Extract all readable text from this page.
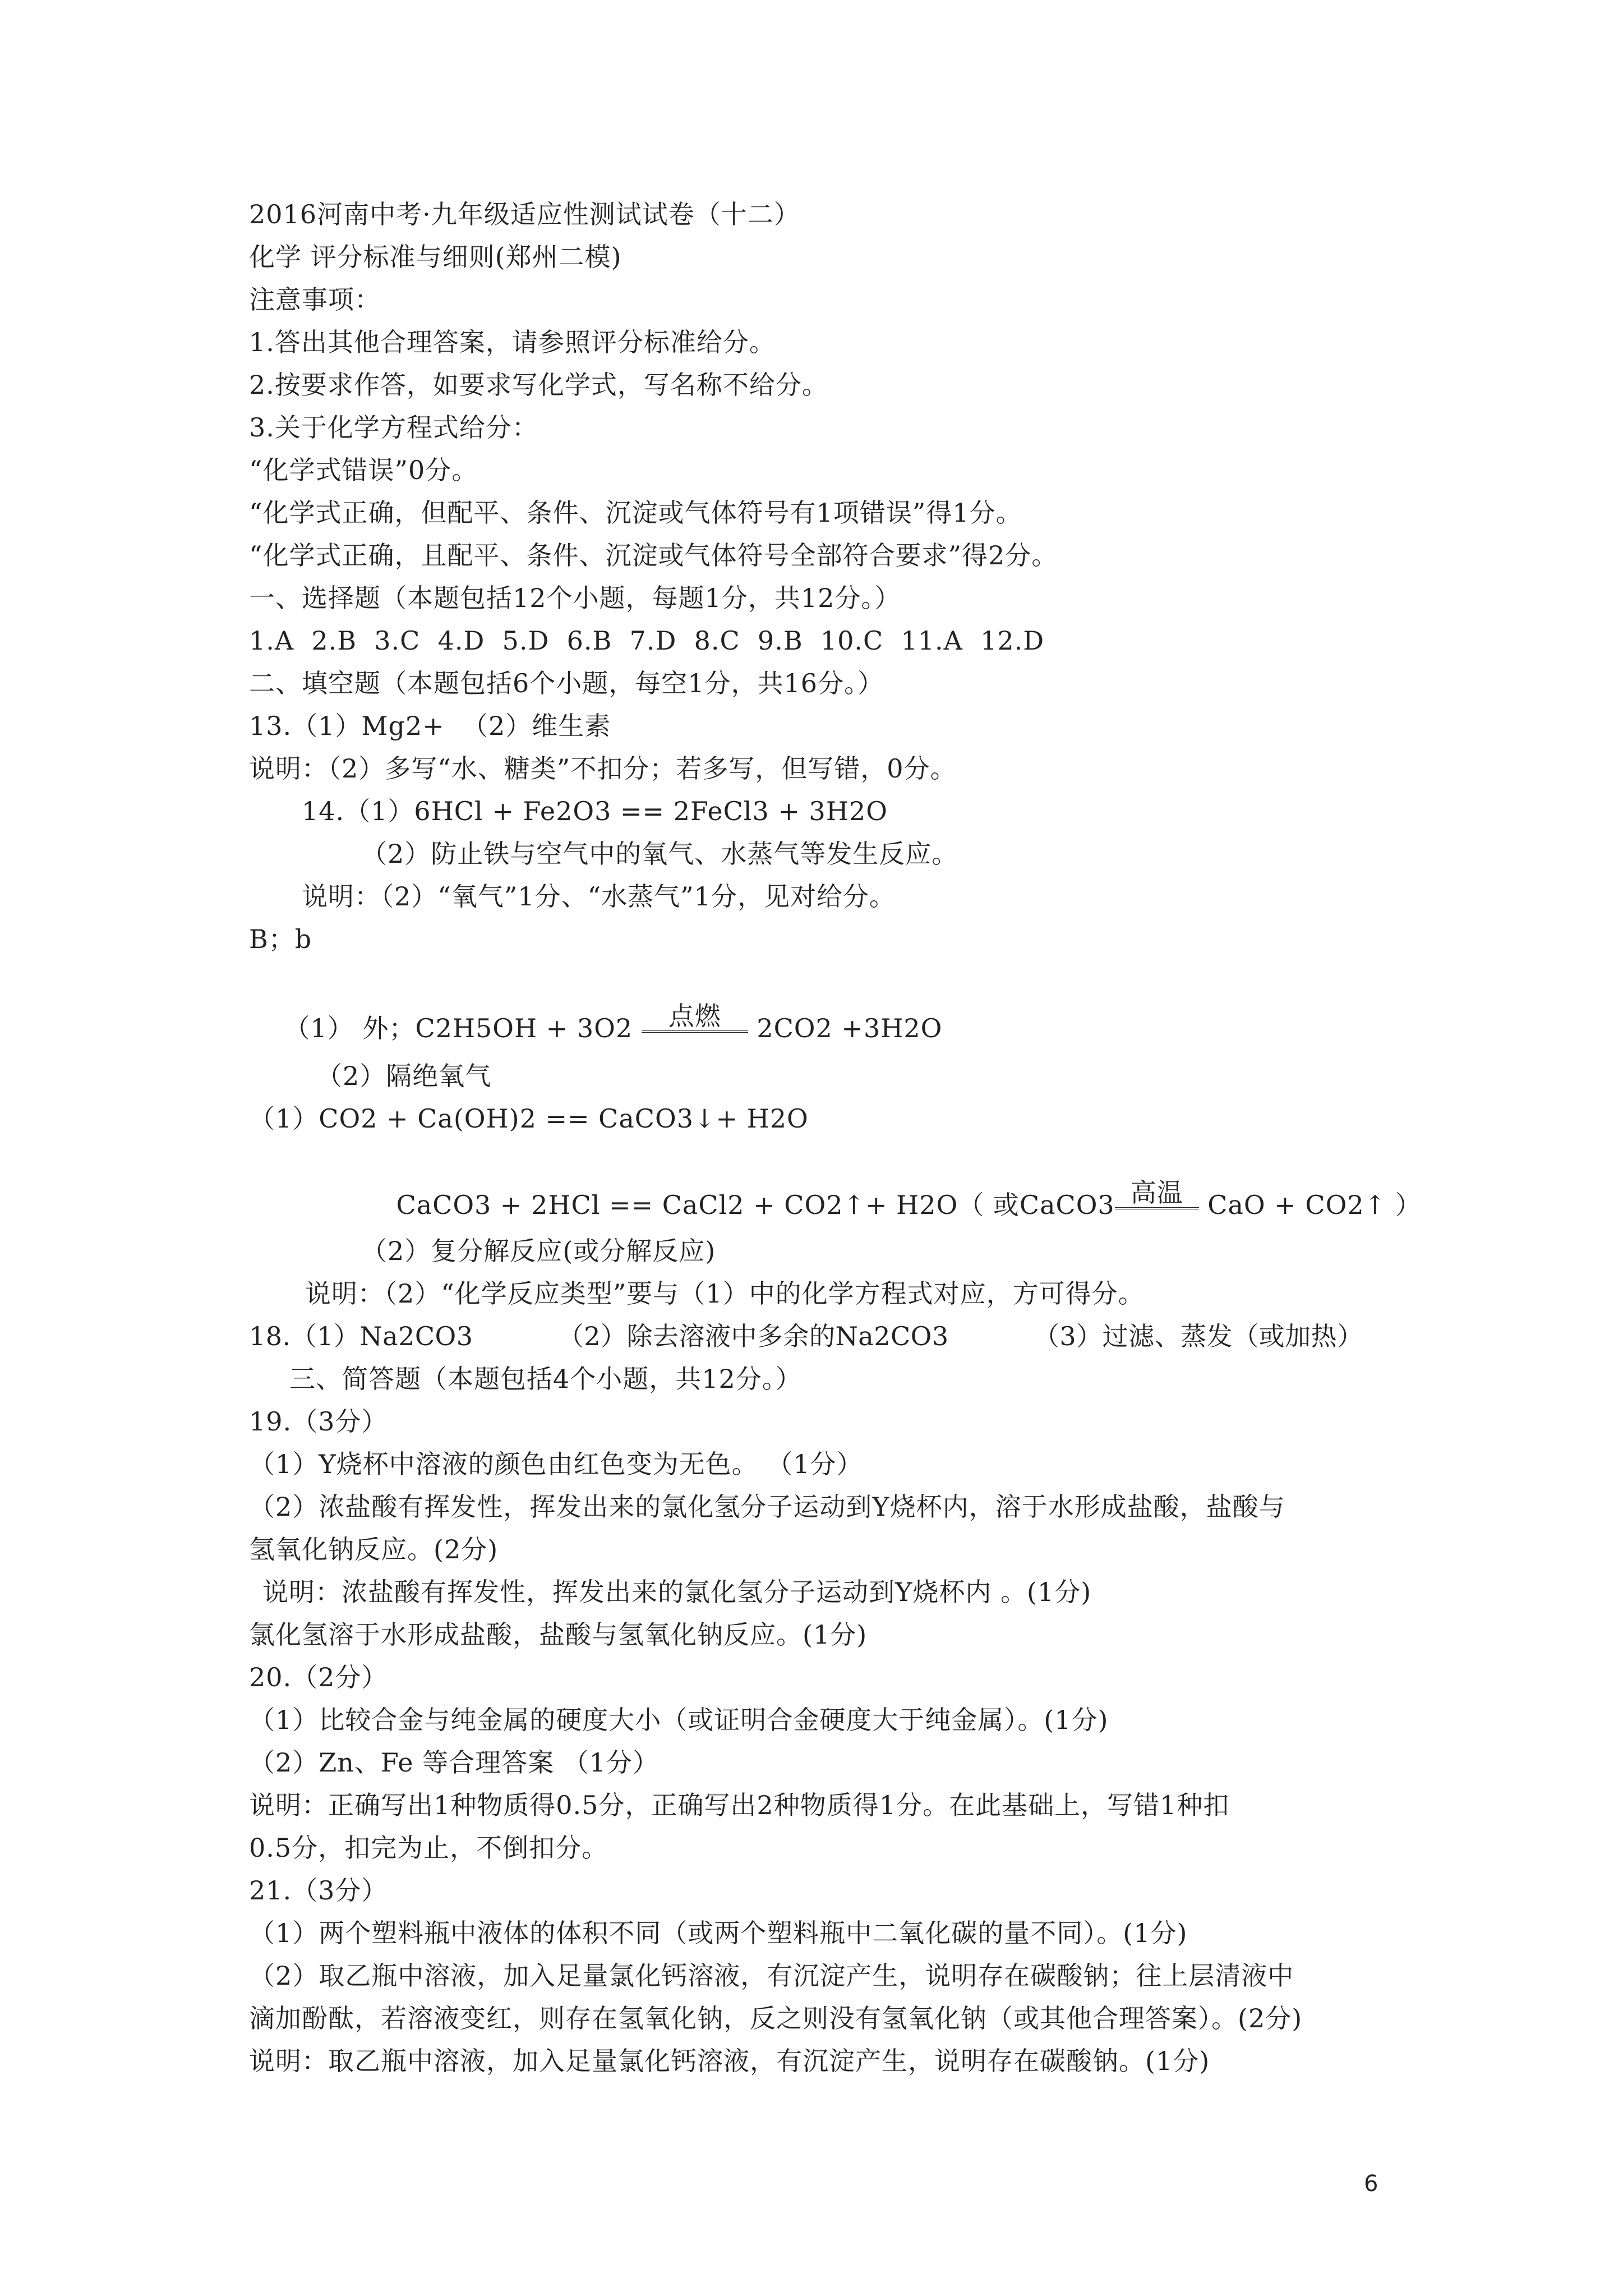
2016河南中考·九年级适应性测试试卷（十二）
化学 评分标准与细则(郑州二模)
注意事项：
1.答出其他合理答案，请参照评分标准给分。
2.按要求作答，如要求写化学式，写名称不给分。
3.关于化学方程式给分：
“化学式错误”0分。
“化学式正确，但配平、条件、沉淀或气体符号有1项错误”得1分。
“化学式正确，且配平、条件、沉淀或气体符号全部符合要求”得2分。
一、选择题（本题包括12个小题，每题1分，共12分。）
1.A  2.B  3.C  4.D  5.D  6.B  7.D  8.C  9.B  10.C  11.A  12.D
二、填空题（本题包括6个小题，每空1分，共16分。）
13.（1）Mg2+  （2）维生素
说明：（2）多写“水、糖类”不扣分；若多写，但写错，0分。
14.（1）6HCl + Fe2O3 == 2FeCl3 + 3H2O
（2）防止铁与空气中的氧气、水蒸气等发生反应。
说明：（2）“氧气”1分、“水蒸气”1分，见对给分。
B；b

（1） 外；C2H5OH + 3O2	点燃	2CO2 +3H2O

（2）隔绝氧气
（1）CO2 + Ca(OH)2 == CaCO3↓+ H2O

CaCO3 + 2HCl == CaCl2 + CO2↑+ H2O（ 或CaCO3 高温 CaO + CO2↑ ）

（2）复分解反应(或分解反应)
说明：（2）“化学反应类型”要与（1）中的化学方程式对应，方可得分。
18.（1）Na2CO3          （2）除去溶液中多余的Na2CO3          （3）过滤、蒸发（或加热）
三、简答题（本题包括4个小题，共12分。）
19.（3分）
（1）Y烧杯中溶液的颜色由红色变为无色。 （1分）
（2）浓盐酸有挥发性，挥发出来的氯化氢分子运动到Y烧杯内，溶于水形成盐酸，盐酸与
氢氧化钠反应。(2分)
说明：浓盐酸有挥发性，挥发出来的氯化氢分子运动到Y烧杯内 。(1分)
氯化氢溶于水形成盐酸，盐酸与氢氧化钠反应。(1分)
20.（2分）
（1）比较合金与纯金属的硬度大小（或证明合金硬度大于纯金属）。(1分)
（2）Zn、Fe 等合理答案 （1分）
说明：正确写出1种物质得0.5分，正确写出2种物质得1分。在此基础上，写错1种扣
0.5分，扣完为止，不倒扣分。
21.（3分）
（1）两个塑料瓶中液体的体积不同（或两个塑料瓶中二氧化碳的量不同）。(1分)
（2）取乙瓶中溶液，加入足量氯化钙溶液，有沉淀产生，说明存在碳酸钠；往上层清液中
滴加酚酞，若溶液变红，则存在氢氧化钠，反之则没有氢氧化钠（或其他合理答案）。(2分)
说明：取乙瓶中溶液，加入足量氯化钙溶液，有沉淀产生，说明存在碳酸钠。(1分)
6
